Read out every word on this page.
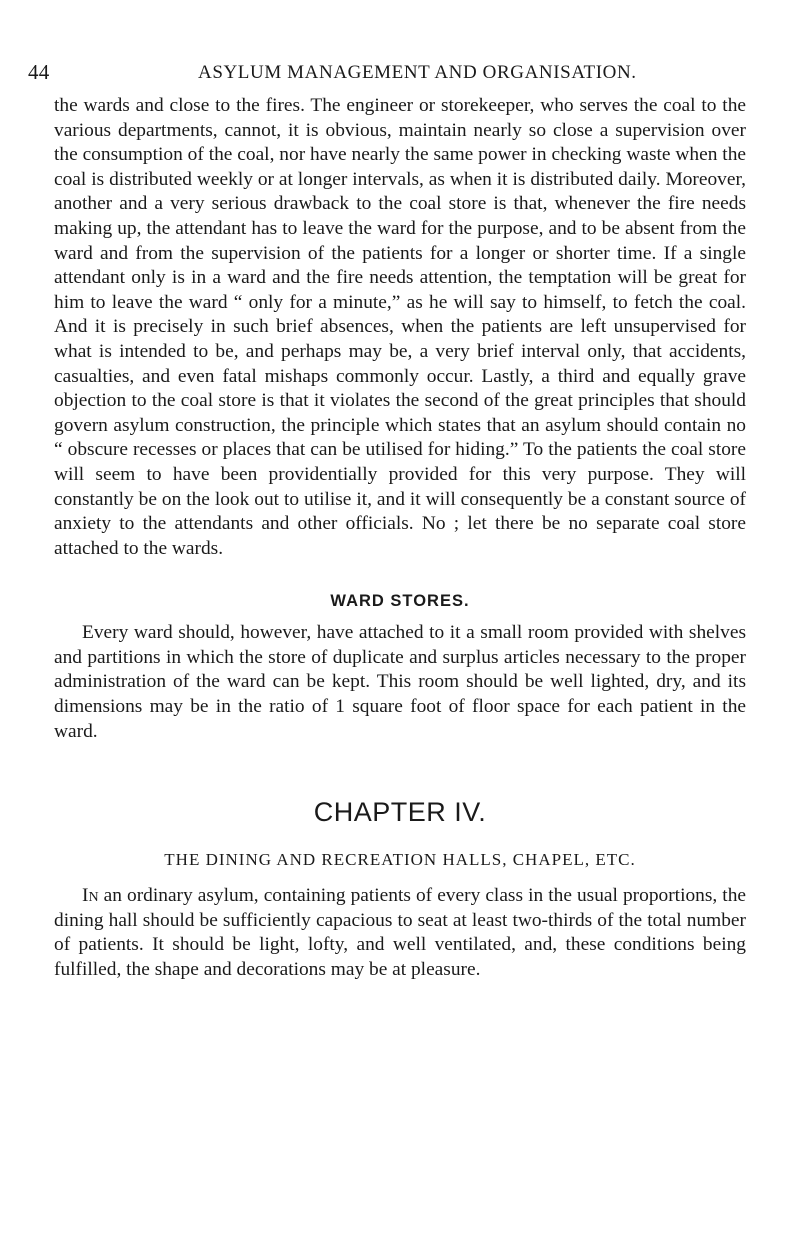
44	ASYLUM MANAGEMENT AND ORGANISATION.

the wards and close to the fires. The engineer or storekeeper, who serves the coal to the various departments, cannot, it is obvious, maintain nearly so close a supervision over the consumption of the coal, nor have nearly the same power in checking waste when the coal is distributed weekly or at longer intervals, as when it is distributed daily. Moreover, another and a very serious drawback to the coal store is that, whenever the fire needs making up, the attendant has to leave the ward for the purpose, and to be absent from the ward and from the supervision of the patients for a longer or shorter time. If a single attendant only is in a ward and the fire needs attention, the temptation will be great for him to leave the ward “ only for a minute,” as he will say to himself, to fetch the coal. And it is precisely in such brief absences, when the patients are left unsupervised for what is intended to be, and perhaps may be, a very brief interval only, that accidents, casualties, and even fatal mishaps commonly occur. Lastly, a third and equally grave objection to the coal store is that it violates the second of the great principles that should govern asylum construction, the principle which states that an asylum should contain no “ obscure recesses or places that can be utilised for hiding.” To the patients the coal store will seem to have been providentially provided for this very purpose. They will constantly be on the look out to utilise it, and it will consequently be a constant source of anxiety to the attendants and other officials. No ; let there be no separate coal store attached to the wards.

WARD STORES.

Every ward should, however, have attached to it a small room provided with shelves and partitions in which the store of duplicate and surplus articles necessary to the proper administration of the ward can be kept. This room should be well lighted, dry, and its dimensions may be in the ratio of 1 square foot of floor space for each patient in the ward.

CHAPTER IV.
THE DINING AND RECREATION HALLS, CHAPEL, ETC.

In an ordinary asylum, containing patients of every class in the usual proportions, the dining hall should be sufficiently capacious to seat at least two-thirds of the total number of patients. It should be light, lofty, and well ventilated, and, these conditions being fulfilled, the shape and decorations may be at pleasure.
